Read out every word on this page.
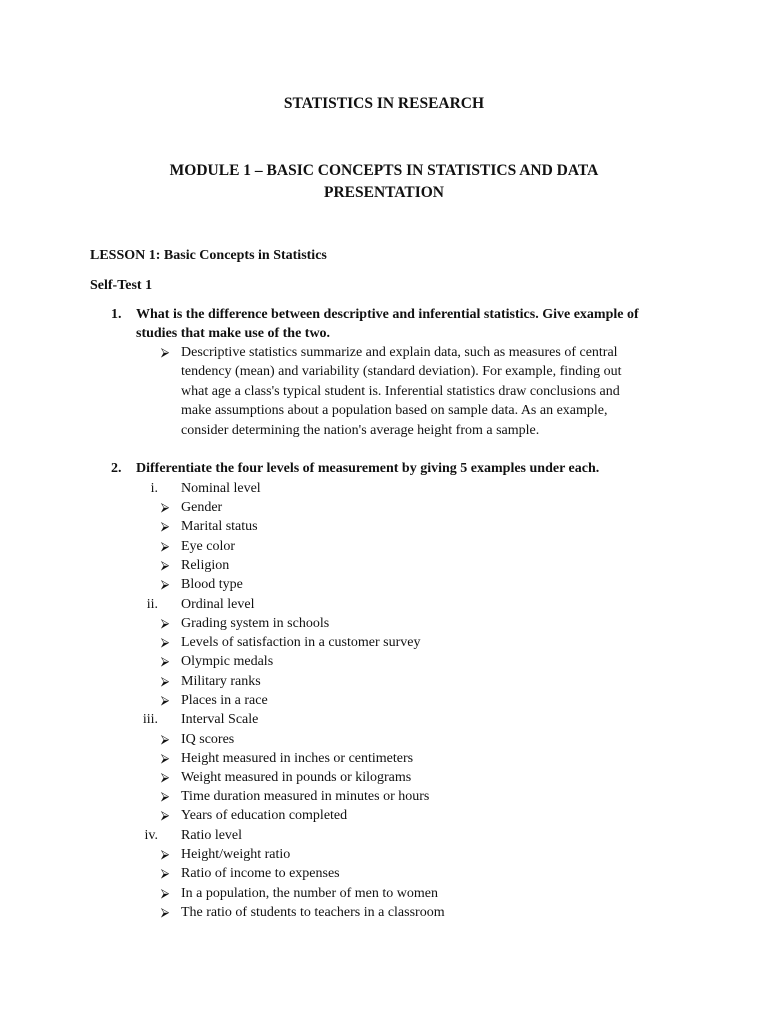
STATISTICS IN RESEARCH
MODULE 1 – BASIC CONCEPTS IN STATISTICS AND DATA
PRESENTATION
LESSON 1: Basic Concepts in Statistics
Self-Test 1
1. What is the difference between descriptive and inferential statistics. Give example of
studies that make use of the two.
⮚ Descriptive statistics summarize and explain data, such as measures of central
tendency (mean) and variability (standard deviation). For example, finding out
what age a class's typical student is. Inferential statistics draw conclusions and
make assumptions about a population based on sample data. As an example,
consider determining the nation's average height from a sample.
2. Differentiate the four levels of measurement by giving 5 examples under each.
i. Nominal level
⮚ Gender
⮚ Marital status
⮚ Eye color
⮚ Religion
⮚ Blood type
ii. Ordinal level
⮚ Grading system in schools
⮚ Levels of satisfaction in a customer survey
⮚ Olympic medals
⮚ Military ranks
⮚ Places in a race
iii. Interval Scale
⮚ IQ scores
⮚ Height measured in inches or centimeters
⮚ Weight measured in pounds or kilograms
⮚ Time duration measured in minutes or hours
⮚ Years of education completed
iv. Ratio level
⮚ Height/weight ratio
⮚ Ratio of income to expenses
⮚ In a population, the number of men to women
⮚ The ratio of students to teachers in a classroom
